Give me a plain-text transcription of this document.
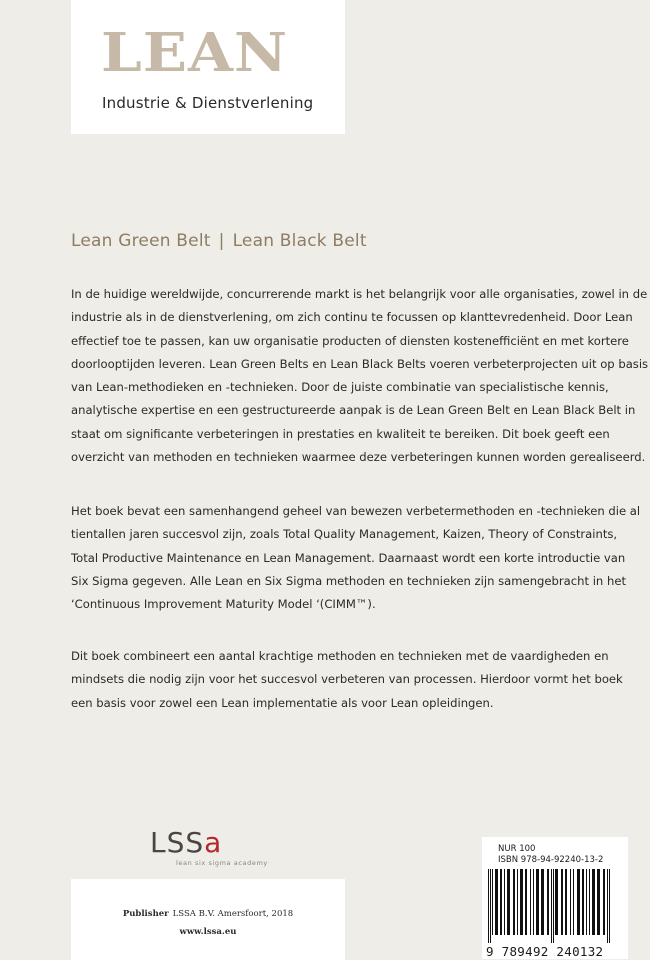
LEAN
Industrie & Dienstverlening
Lean Green Belt | Lean Black Belt

In de huidige wereldwijde, concurrerende markt is het belangrijk voor alle organisaties, zowel in de
industrie als in de dienstverlening, om zich continu te focussen op klanttevredenheid. Door Lean
effectief toe te passen, kan uw organisatie producten of diensten kostenefficiënt en met kortere
doorlooptijden leveren. Lean Green Belts en Lean Black Belts voeren verbeterprojecten uit op basis
van Lean-methodieken en -technieken. Door de juiste combinatie van specialistische kennis,
analytische expertise en een gestructureerde aanpak is de Lean Green Belt en Lean Black Belt in
staat om significante verbeteringen in prestaties en kwaliteit te bereiken. Dit boek geeft een
overzicht van methoden en technieken waarmee deze verbeteringen kunnen worden gerealiseerd.

Het boek bevat een samenhangend geheel van bewezen verbetermethoden en -technieken die al
tientallen jaren succesvol zijn, zoals Total Quality Management, Kaizen, Theory of Constraints,
Total Productive Maintenance en Lean Management. Daarnaast wordt een korte introductie van
Six Sigma gegeven. Alle Lean en Six Sigma methoden en technieken zijn samengebracht in het
‘Continuous Improvement Maturity Model ‘(CIMM™).

Dit boek combineert een aantal krachtige methoden en technieken met de vaardigheden en
mindsets die nodig zijn voor het succesvol verbeteren van processen. Hierdoor vormt het boek
een basis voor zowel een Lean implementatie als voor Lean opleidingen.

LSSa
lean six sigma academy
NUR 100
ISBN 978-94-92240-13-2
9 789492 240132
Publisher LSSA B.V. Amersfoort, 2018
www.lssa.eu
